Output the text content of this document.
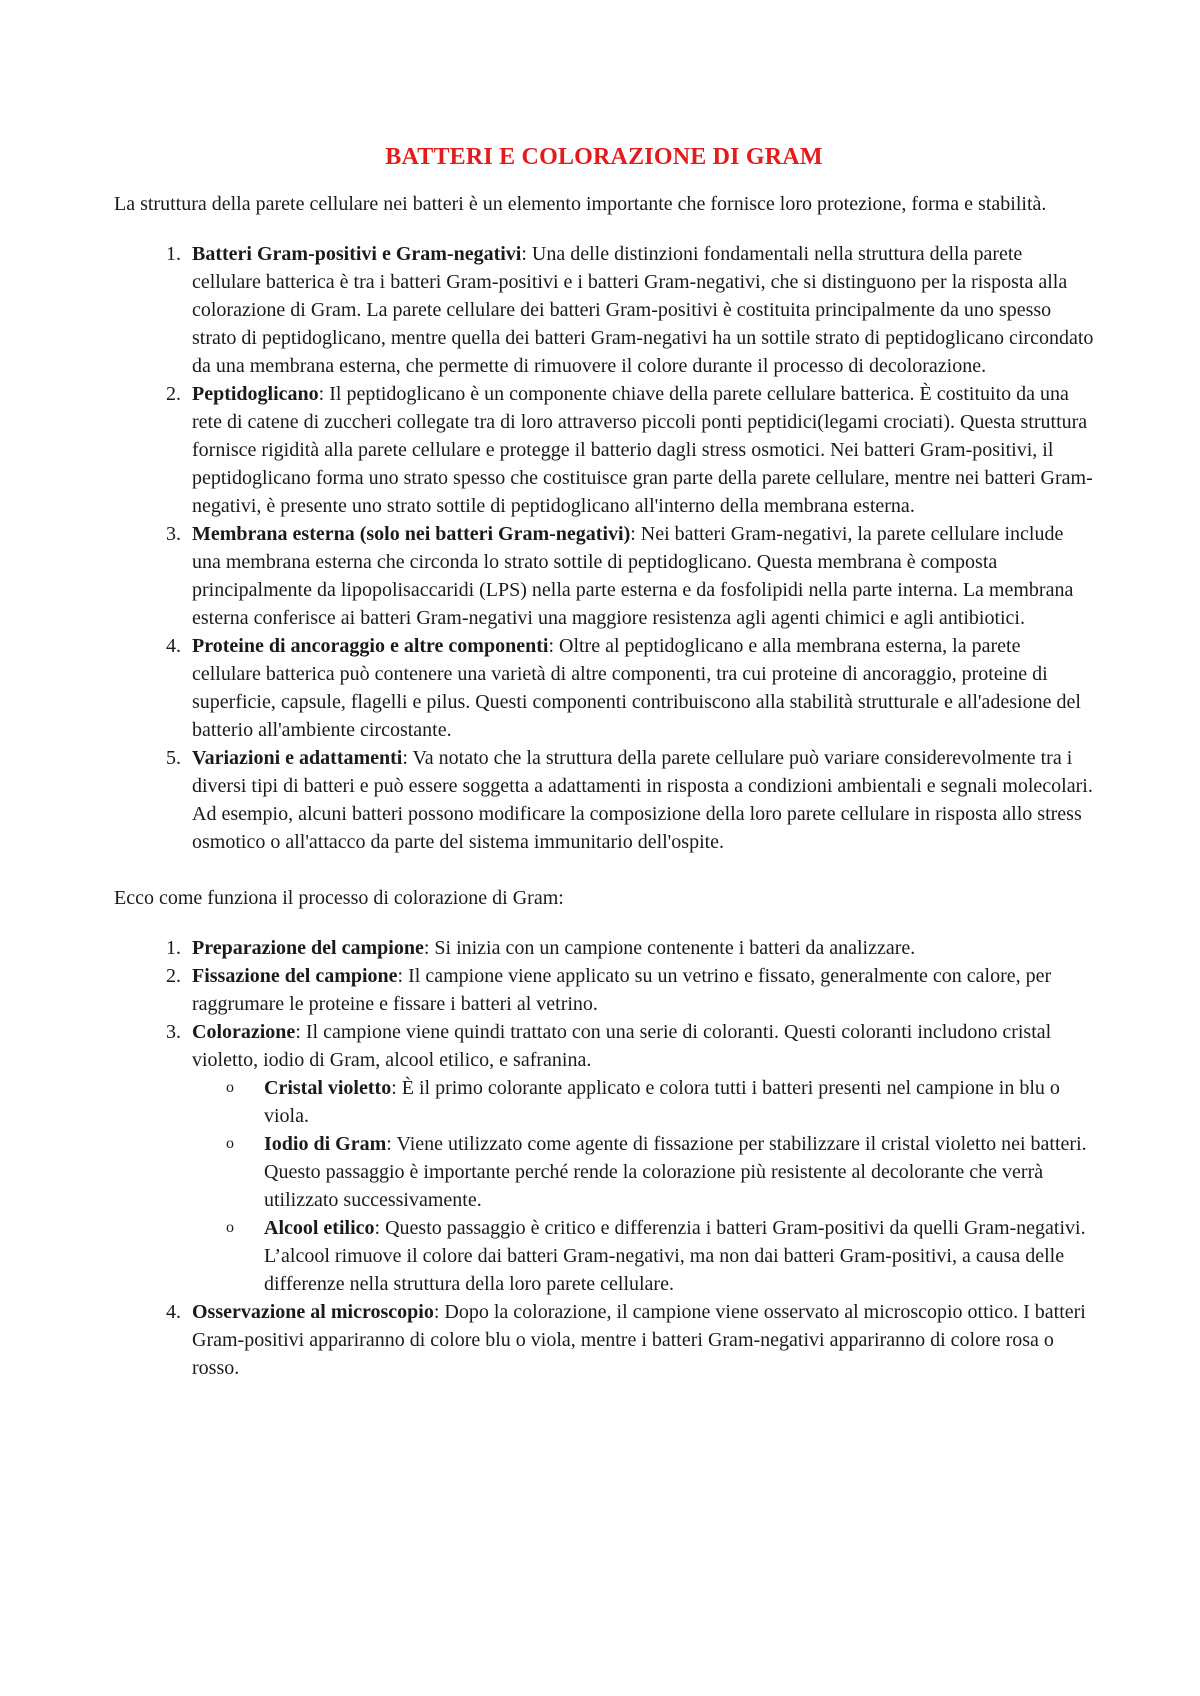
BATTERI E COLORAZIONE DI GRAM

La struttura della parete cellulare nei batteri è un elemento importante che fornisce loro protezione, forma e stabilità.

1. Batteri Gram-positivi e Gram-negativi: Una delle distinzioni fondamentali nella struttura della parete cellulare batterica è tra i batteri Gram-positivi e i batteri Gram-negativi, che si distinguono per la risposta alla colorazione di Gram. La parete cellulare dei batteri Gram-positivi è costituita principalmente da uno spesso strato di peptidoglicano, mentre quella dei batteri Gram-negativi ha un sottile strato di peptidoglicano circondato da una membrana esterna, che permette di rimuovere il colore durante il processo di decolorazione.
2. Peptidoglicano: Il peptidoglicano è un componente chiave della parete cellulare batterica. È costituito da una rete di catene di zuccheri collegate tra di loro attraverso piccoli ponti peptidici(legami crociati). Questa struttura fornisce rigidità alla parete cellulare e protegge il batterio dagli stress osmotici. Nei batteri Gram-positivi, il peptidoglicano forma uno strato spesso che costituisce gran parte della parete cellulare, mentre nei batteri Gram-negativi, è presente uno strato sottile di peptidoglicano all'interno della membrana esterna.
3. Membrana esterna (solo nei batteri Gram-negativi): Nei batteri Gram-negativi, la parete cellulare include una membrana esterna che circonda lo strato sottile di peptidoglicano. Questa membrana è composta principalmente da lipopolisaccaridi (LPS) nella parte esterna e da fosfolipidi nella parte interna. La membrana esterna conferisce ai batteri Gram-negativi una maggiore resistenza agli agenti chimici e agli antibiotici.
4. Proteine di ancoraggio e altre componenti: Oltre al peptidoglicano e alla membrana esterna, la parete cellulare batterica può contenere una varietà di altre componenti, tra cui proteine di ancoraggio, proteine di superficie, capsule, flagelli e pilus. Questi componenti contribuiscono alla stabilità strutturale e all'adesione del batterio all'ambiente circostante.
5. Variazioni e adattamenti: Va notato che la struttura della parete cellulare può variare considerevolmente tra i diversi tipi di batteri e può essere soggetta a adattamenti in risposta a condizioni ambientali e segnali molecolari. Ad esempio, alcuni batteri possono modificare la composizione della loro parete cellulare in risposta allo stress osmotico o all'attacco da parte del sistema immunitario dell'ospite.

Ecco come funziona il processo di colorazione di Gram:

1. Preparazione del campione: Si inizia con un campione contenente i batteri da analizzare.
2. Fissazione del campione: Il campione viene applicato su un vetrino e fissato, generalmente con calore, per raggrumare le proteine e fissare i batteri al vetrino.
3. Colorazione: Il campione viene quindi trattato con una serie di coloranti. Questi coloranti includono cristal violetto, iodio di Gram, alcool etilico, e safranina.
o Cristal violetto: È il primo colorante applicato e colora tutti i batteri presenti nel campione in blu o viola.
o Iodio di Gram: Viene utilizzato come agente di fissazione per stabilizzare il cristal violetto nei batteri. Questo passaggio è importante perché rende la colorazione più resistente al decolorante che verrà utilizzato successivamente.
o Alcool etilico: Questo passaggio è critico e differenzia i batteri Gram-positivi da quelli Gram-negativi. L’alcool rimuove il colore dai batteri Gram-negativi, ma non dai batteri Gram-positivi, a causa delle differenze nella struttura della loro parete cellulare.
4. Osservazione al microscopio: Dopo la colorazione, il campione viene osservato al microscopio ottico. I batteri Gram-positivi appariranno di colore blu o viola, mentre i batteri Gram-negativi appariranno di colore rosa o rosso.
